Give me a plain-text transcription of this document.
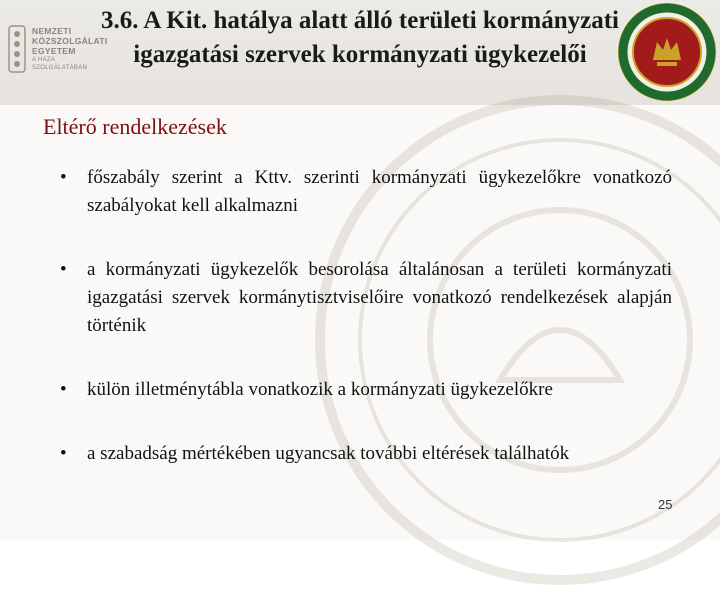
NEMZETI
KÖZSZOLGÁLATI
EGYETEM
A HAZA SZOLGÁLATÁBAN
3.6. A Kit. hatálya alatt álló területi kormányzati igazgatási szervek kormányzati ügykezelői
Eltérő rendelkezések
• főszabály szerint a Kttv. szerinti kormányzati ügykezelőkre vonatkozó szabályokat kell alkalmazni
• a kormányzati ügykezelők besorolása általánosan a területi kormányzati igazgatási szervek kormánytisztviselőire vonatkozó rendelkezések alapján történik
• külön illetménytábla vonatkozik a kormányzati ügykezelőkre
• a szabadság mértékében ugyancsak további eltérések találhatók
25
